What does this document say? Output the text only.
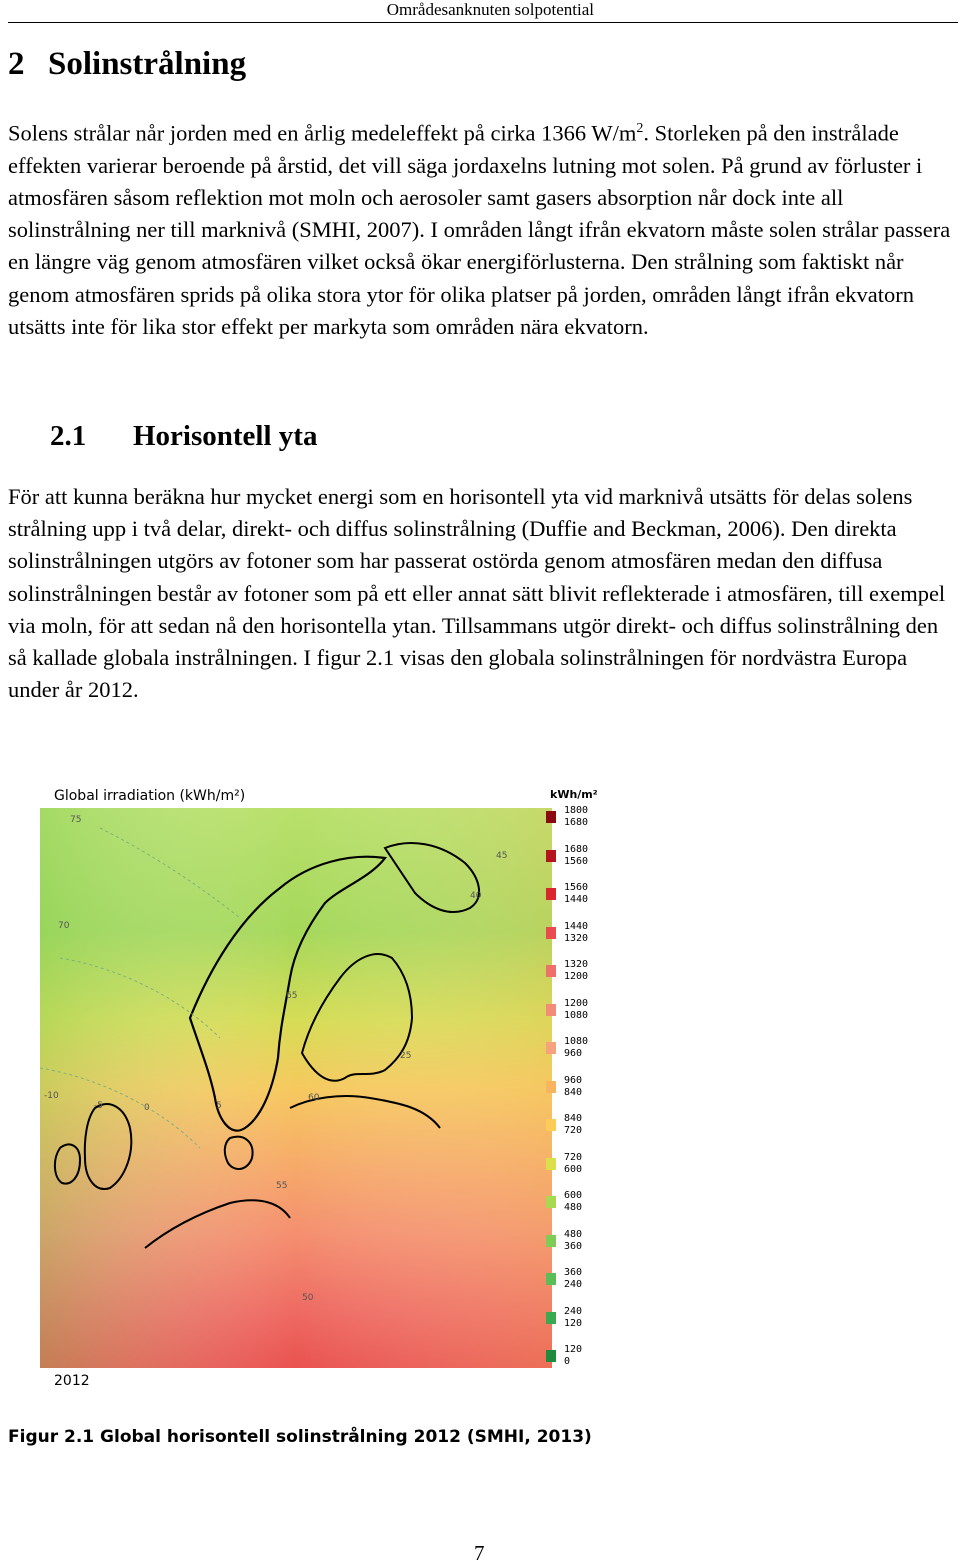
Områdesanknuten solpotential
2 Solinstrålning

Solens strålar når jorden med en årlig medeleffekt på cirka 1366 $W/m^2$. Storleken på den instrålade effekten varierar beroende på årstid, det vill säga jordaxelns lutning mot solen. På grund av förluster i atmosfären såsom reflektion mot moln och aerosoler samt gasers absorption når dock inte all solinstrålning ner till marknivå (SMHI, 2007). I områden långt ifrån ekvatorn måste solen strålar passera en längre väg genom atmosfären vilket också ökar energiförlusterna. Den strålning som faktiskt når genom atmosfären sprids på olika stora ytor för olika platser på jorden, områden långt ifrån ekvatorn utsätts inte för lika stor effekt per markyta som områden nära ekvatorn.

2.1 Horisontell yta

För att kunna beräkna hur mycket energi som en horisontell yta vid marknivå utsätts för delas solens strålning upp i två delar, direkt- och diffus solinstrålning (Duffie and Beckman, 2006). Den direkta solinstrålningen utgörs av fotoner som har passerat ostörda genom atmosfären medan den diffusa solinstrålningen består av fotoner som på ett eller annat sätt blivit reflekterade i atmosfären, till exempel via moln, för att sedan nå den horisontella ytan. Tillsammans utgör direkt- och diffus solinstrålning den så kallade globala instrålningen. I figur 2.1 visas den globala solinstrålningen för nordvästra Europa under år 2012.

Global irradiation (kWh/m²)
75
70
65
60
55
50
45
40
-10
-5	0	5
25
kWh/m²
1800
1680
1680
1560
1560
1440
1440
1320
1320
1200
1200
1080
1080
960
960
840
840
720
720
600
600
480
480
360
360
240
240
120
120
0
2012
Figur 2.1 Global horisontell solinstrålning 2012 (SMHI, 2013)
7
